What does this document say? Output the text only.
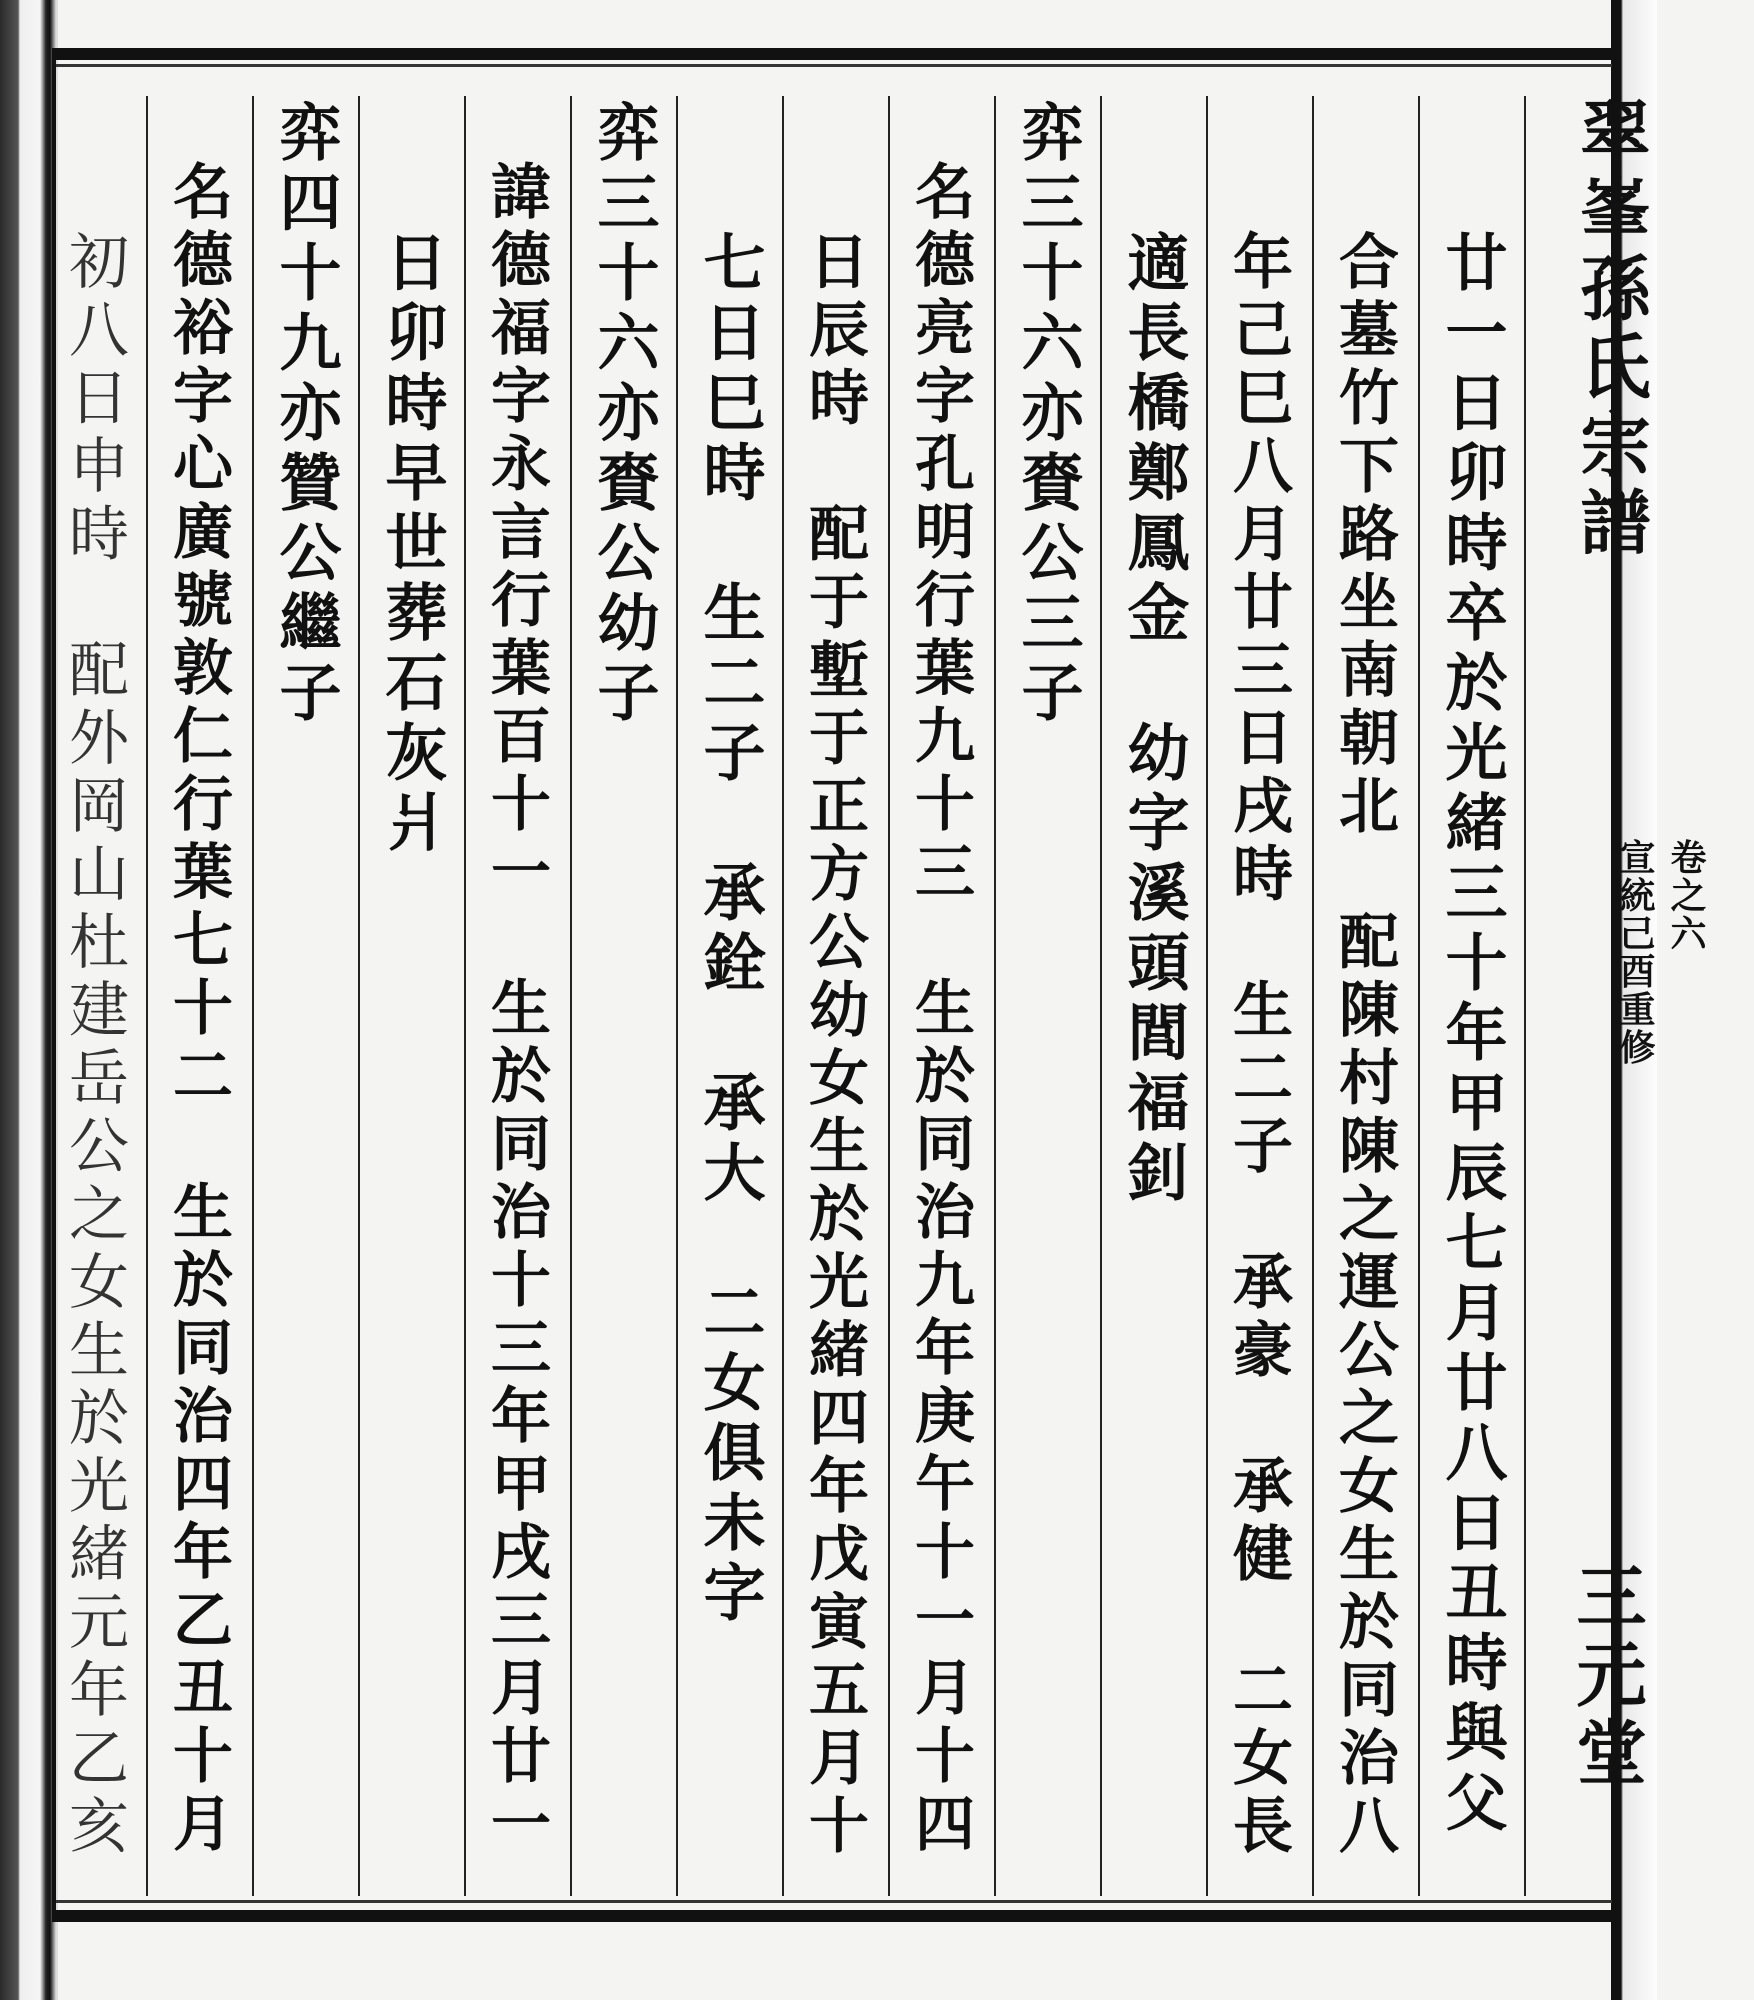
翠峯孫氏宗譜

卷之六
宣統己酉重修

三元堂
廿一日卯時卒於光緒三十年甲辰七月廿八日丑時與父
合墓竹下路坐南朝北　配陳村陳之運公之女生於同治八
年己巳八月廿三日戌時　生二子　承豪　承健　二女長
適長橋鄭鳳金　幼字溪頭閭福釗
弈三十六亦賚公三子
名德亮字孔明行葉九十三　生於同治九年庚午十一月十四
日辰時　配于塹于正方公幼女生於光緒四年戊寅五月十
七日巳時　生二子　承銓　承大　二女俱未字
弈三十六亦賚公幼子
諱德福字永言行葉百十一　生於同治十三年甲戌三月廿一
日卯時早世葬石灰爿
弈四十九亦贊公繼子
名德裕字心廣號敦仁行葉七十二　生於同治四年乙丑十月
初八日申時　配外岡山杜建岳公之女生於光緒元年乙亥
